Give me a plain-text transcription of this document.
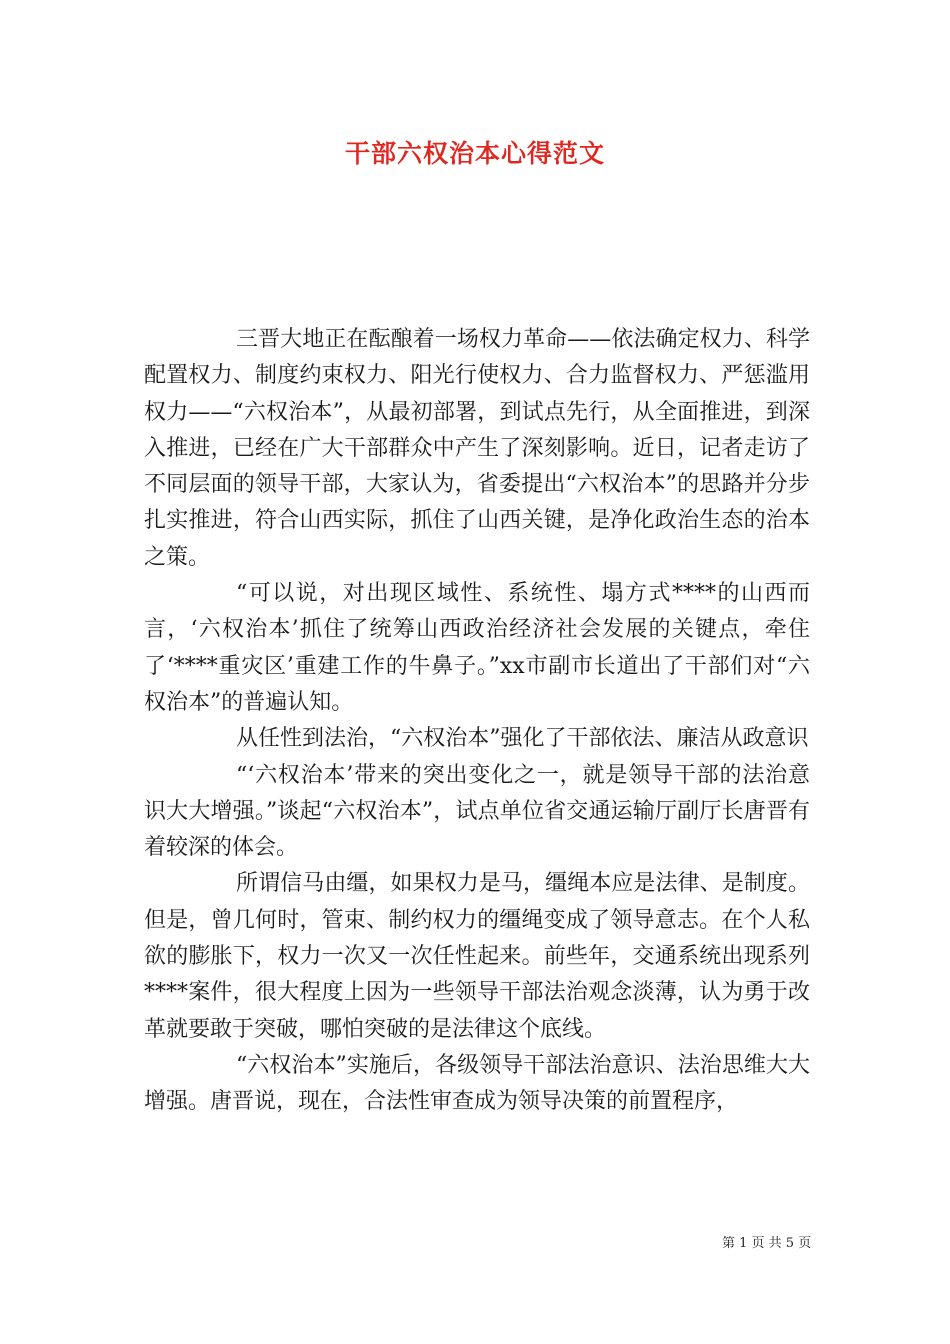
干部六权治本心得范文

三晋大地正在酝酿着一场权力革命——依法确定权力、科学配置权力、制度约束权力、阳光行使权力、合力监督权力、严惩滥用权力——“六权治本”，从最初部署，到试点先行，从全面推进，到深入推进，已经在广大干部群众中产生了深刻影响。近日，记者走访了不同层面的领导干部，大家认为，省委提出“六权治本”的思路并分步扎实推进，符合山西实际，抓住了山西关键，是净化政治生态的治本之策。

“可以说，对出现区域性、系统性、塌方式****的山西而言，‘六权治本’抓住了统筹山西政治经济社会发展的关键点，牵住了‘****重灾区’重建工作的牛鼻子。”xx市副市长道出了干部们对“六权治本”的普遍认知。

从任性到法治，“六权治本”强化了干部依法、廉洁从政意识

“‘六权治本’带来的突出变化之一，就是领导干部的法治意识大大增强。”谈起“六权治本”，试点单位省交通运输厅副厅长唐晋有着较深的体会。

所谓信马由缰，如果权力是马，缰绳本应是法律、是制度。但是，曾几何时，管束、制约权力的缰绳变成了领导意志。在个人私欲的膨胀下，权力一次又一次任性起来。前些年，交通系统出现系列****案件，很大程度上因为一些领导干部法治观念淡薄，认为勇于改革就要敢于突破，哪怕突破的是法律这个底线。

“六权治本”实施后，各级领导干部法治意识、法治思维大大增强。唐晋说，现在，合法性审查成为领导决策的前置程序，

第 1 页 共 5 页
